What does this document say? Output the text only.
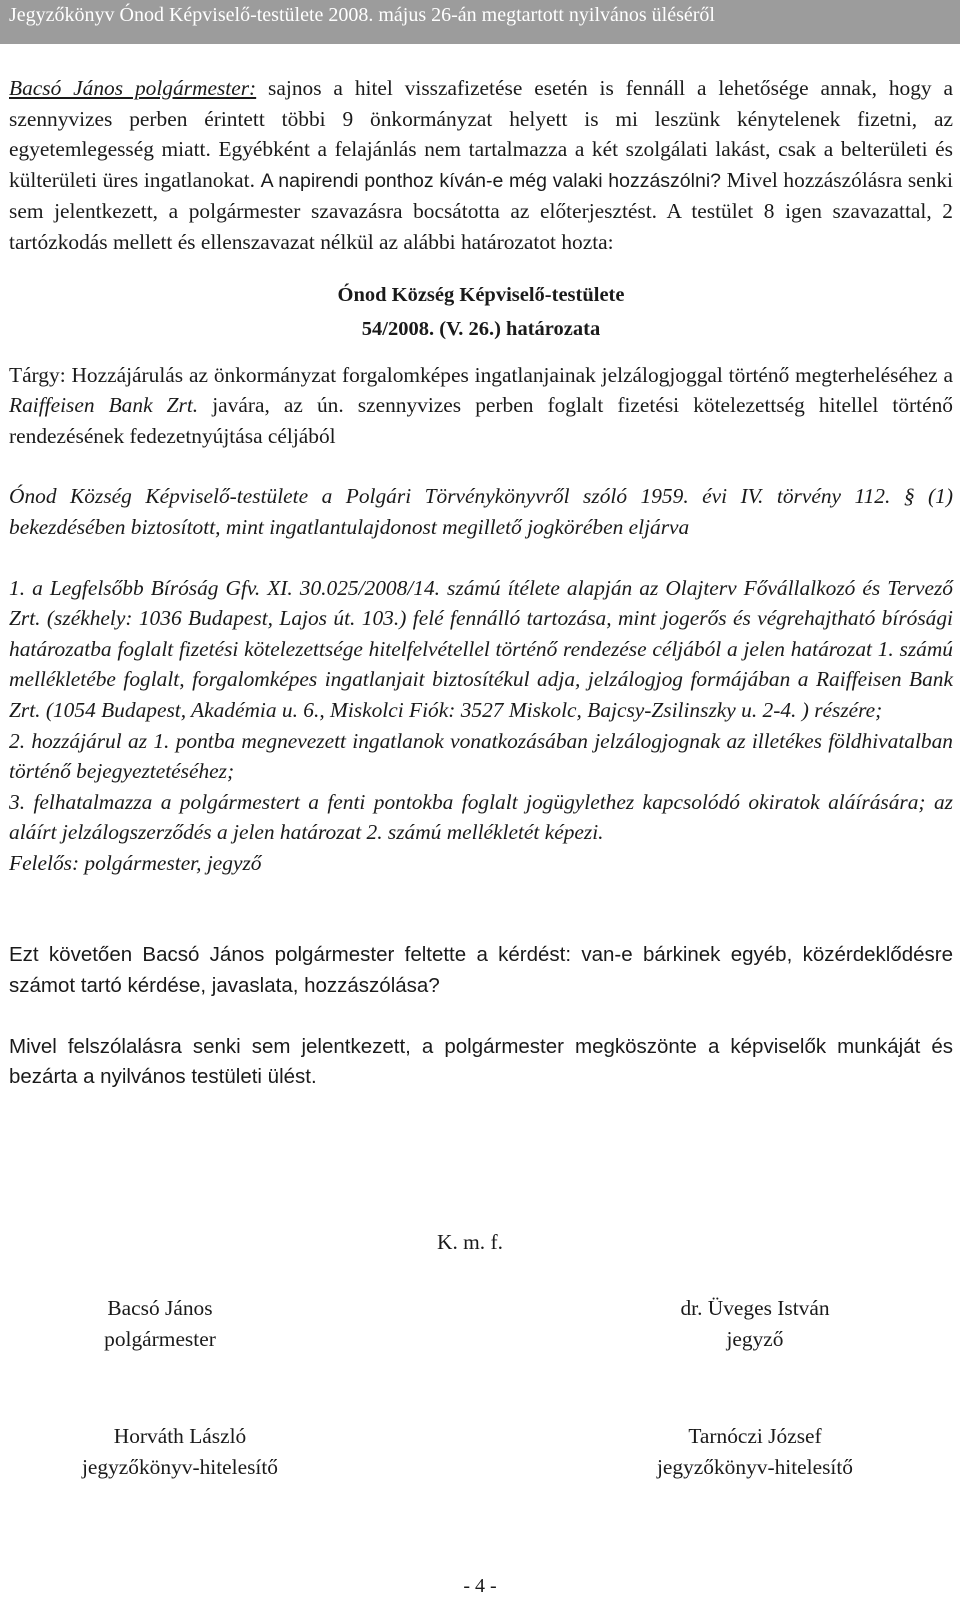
Jegyzőkönyv Ónod Képviselő-testülete 2008. május 26-án megtartott nyilvános üléséről

Bacsó János polgármester: sajnos a hitel visszafizetése esetén is fennáll a lehetősége annak, hogy a szennyvizes perben érintett többi 9 önkormányzat helyett is mi leszünk kénytelenek fizetni, az egyetemlegesség miatt. Egyébként a felajánlás nem tartalmazza a két szolgálati lakást, csak a belterületi és külterületi üres ingatlanokat. A napirendi ponthoz kíván-e még valaki hozzászólni? Mivel hozzászólásra senki sem jelentkezett, a polgármester szavazásra bocsátotta az előterjesztést. A testület 8 igen szavazattal, 2 tartózkodás mellett és ellenszavazat nélkül az alábbi határozatot hozta:

Ónod Község Képviselő-testülete

54/2008. (V. 26.) határozata

Tárgy: Hozzájárulás az önkormányzat forgalomképes ingatlanjainak jelzálogjoggal történő megterheléséhez a Raiffeisen Bank Zrt. javára, az ún. szennyvizes perben foglalt fizetési kötelezettség hitellel történő rendezésének fedezetnyújtása céljából

Ónod Község Képviselő-testülete a Polgári Törvénykönyvről szóló 1959. évi IV. törvény 112. § (1) bekezdésében biztosított, mint ingatlantulajdonost megillető jogkörében eljárva

1. a Legfelsőbb Bíróság Gfv. XI. 30.025/2008/14. számú ítélete alapján az Olajterv Fővállalkozó és Tervező Zrt. (székhely: 1036 Budapest, Lajos út. 103.) felé fennálló tartozása, mint jogerős és végrehajtható bírósági határozatba foglalt fizetési kötelezettsége hitelfelvétellel történő rendezése céljából a jelen határozat 1. számú mellékletébe foglalt, forgalomképes ingatlanjait biztosítékul adja, jelzálogjog formájában a Raiffeisen Bank Zrt. (1054 Budapest, Akadémia u. 6., Miskolci Fiók: 3527 Miskolc, Bajcsy-Zsilinszky u. 2-4. ) részére;

2. hozzájárul az 1. pontba megnevezett ingatlanok vonatkozásában jelzálogjognak az illetékes földhivatalban történő bejegyeztetéséhez;

3. felhatalmazza a polgármestert a fenti pontokba foglalt jogügylethez kapcsolódó okiratok aláírására; az aláírt jelzálogszerződés a jelen határozat 2. számú mellékletét képezi.

Felelős: polgármester, jegyző

Ezt követően Bacsó János polgármester feltette a kérdést: van-e bárkinek egyéb, közérdeklődésre számot tartó kérdése, javaslata, hozzászólása?

Mivel felszólalásra senki sem jelentkezett, a polgármester megköszönte a képviselők munkáját és bezárta a nyilvános testületi ülést.

K. m. f.
Bacsó János
polgármester
dr. Üveges István
jegyző
Horváth László
jegyzőkönyv-hitelesítő
Tarnóczi József
jegyzőkönyv-hitelesítő
- 4 -
